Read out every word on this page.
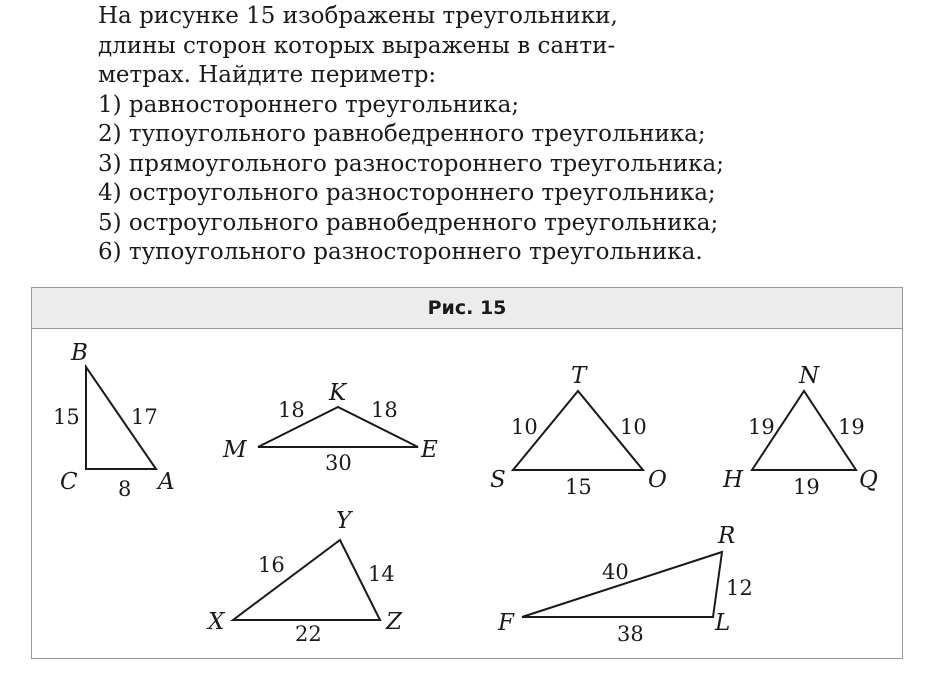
На рисунке 15 изображены треугольники,
длины сторон которых выражены в санти-
метрах. Найдите периметр:
1) равностороннего треугольника;
2) тупоугольного равнобедренного треугольника;
3) прямоугольного разностороннего треугольника;
4) остроугольного разностороннего треугольника;
5) остроугольного равнобедренного треугольника;
6) тупоугольного разностороннего треугольника.
Рис. 15
B
C	A
15 17
8
K
M	E
18	18
30
T
S	O
10	10
15
N
H	Q
19	19
19
Y
X	Z
16	14
22
R
F	L
40
12
38
